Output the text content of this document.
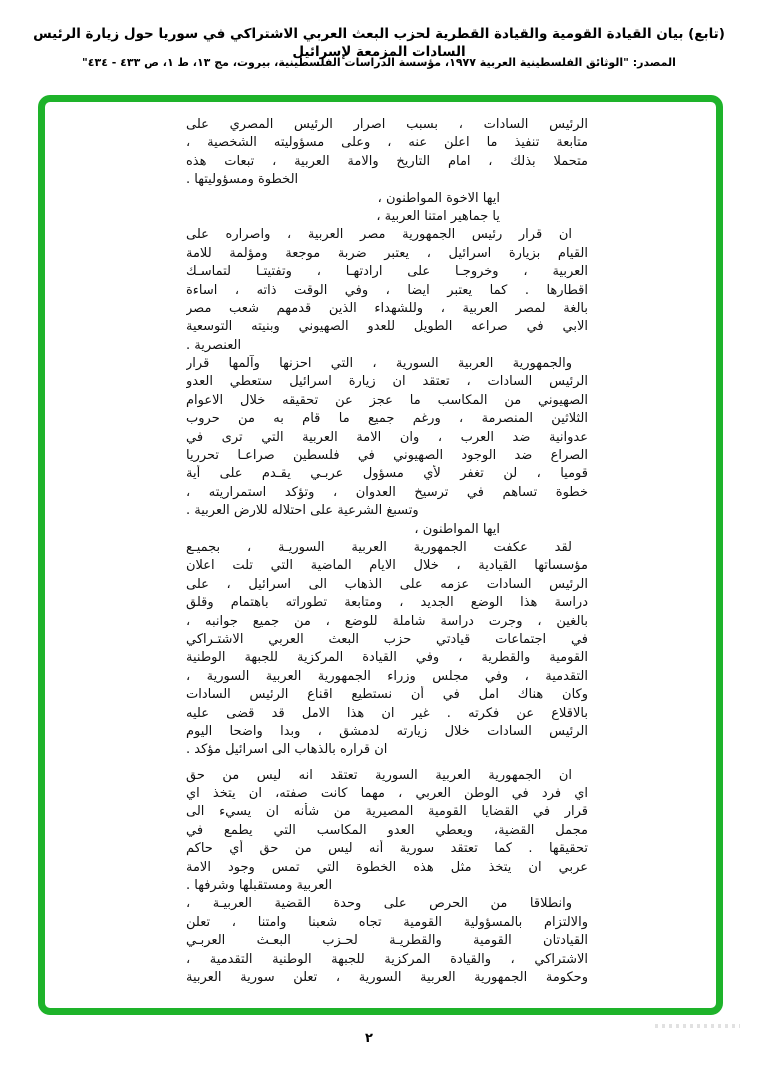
(تابع) بيان القيادة القومية والقيادة القطرية لحزب البعث العربي الاشتراكي في سوريا حول زيارة الرئيس السادات المزمعة لإسرائيل
المصدر: "الوثائق الفلسطينية العربية ١٩٧٧، مؤسسة الدراسات الفلسطينية، بيروت، مج ١٣، ط ١، ص ٤٣٣ - ٤٣٤"
الرئيس السادات ، بسبب اصرار الرئيس المصري على
متابعة تنفيذ ما اعلن عنه ، وعلى مسؤوليته الشخصية ،
متحملا بذلك ، امام التاريخ والامة العربية ، تبعات هذه
الخطوة ومسؤوليتها .
ايها الاخوة المواطنون ،
يا جماهير امتنا العربية ،
ان قرار رئيس الجمهورية مصر العربية ، واصراره على
القيام بزيارة اسرائيل ، يعتبر ضربة موجعة ومؤلمة للامة
العربية ، وخروجـا على ارادتهـا ، وتفتيتـا لتماسـك
اقطارها . كما يعتبر ايضا ، وفي الوقت ذاته ، اساءة
بالغة لمصر العربية ، وللشهداء الذين قدمهم شعب مصر
الابي في صراعه الطويل للعدو الصهيوني وبنيته التوسعية
العنصرية .
والجمهورية العربية السورية ، التي احزنها وآلمها قرار
الرئيس السادات ، تعتقد ان زيارة اسرائيل ستعطي العدو
الصهيوني من المكاسب ما عجز عن تحقيقه خلال الاعوام
الثلاثين المنصرمة ، ورغم جميع ما قام به من حروب
عدوانية ضد العرب ، وان الامة العربية التي ترى في
الصراع ضد الوجود الصهيوني في فلسطين صراعـا تحرريا
قوميا ، لن تغفر لأي مسؤول عربـي يقـدم على أية
خطوة تساهم في ترسيخ العدوان ، وتؤكد استمراريته ،
وتسبغ الشرعية على احتلاله للارض العربية .
ايها المواطنون ،
لقد عكفت الجمهورية العربية السوريـة ، بجميـع
مؤسساتها القيادية ، خلال الايام الماضية التي تلت اعلان
الرئيس السادات عزمه على الذهاب الى اسرائيل ، على
دراسة هذا الوضع الجديد ، ومتابعة تطوراته باهتمام وقلق
بالغين ، وجرت دراسة شاملة للوضع ، من جميع جوانبه ،
في اجتماعات قيادتي حزب البعث العربي الاشتـراكي
القومية والقطرية ، وفي القيادة المركزية للجبهة الوطنية
التقدمية ، وفي مجلس وزراء الجمهورية العربية السورية ،
وكان هناك امل في أن نستطيع اقناع الرئيس السادات
بالاقلاع عن فكرته . غير ان هذا الامل قد قضى عليه
الرئيس السادات خلال زيارته لدمشق ، وبدا واضحا اليوم
ان قراره بالذهاب الى اسرائيل مؤكد .
ان الجمهورية العربية السورية تعتقد انه ليس من حق
اي فرد في الوطن العربي ، مهما كانت صفته، ان يتخذ اي
قرار في القضايا القومية المصيرية من شأنه ان يسيء الى
مجمل القضية، ويعطي العدو المكاسب التي يطمع في
تحقيقها . كما تعتقد سورية أنه ليس من حق أي حاكم
عربي ان يتخذ مثل هذه الخطوة التي تمس وجود الامة
العربية ومستقبلها وشرفها .
وانطلاقا من الحرص على وحدة القضية العربيـة ،
والالتزام بالمسؤولية القومية تجاه شعبنا وامتنا ، تعلن
القيادتان القومية والقطريـة لحـزب البعـث العربـي
الاشتراكي ، والقيادة المركزية للجبهة الوطنية التقدمية ،
وحكومة الجمهورية العربية السورية ، تعلن سورية العربية
٢
